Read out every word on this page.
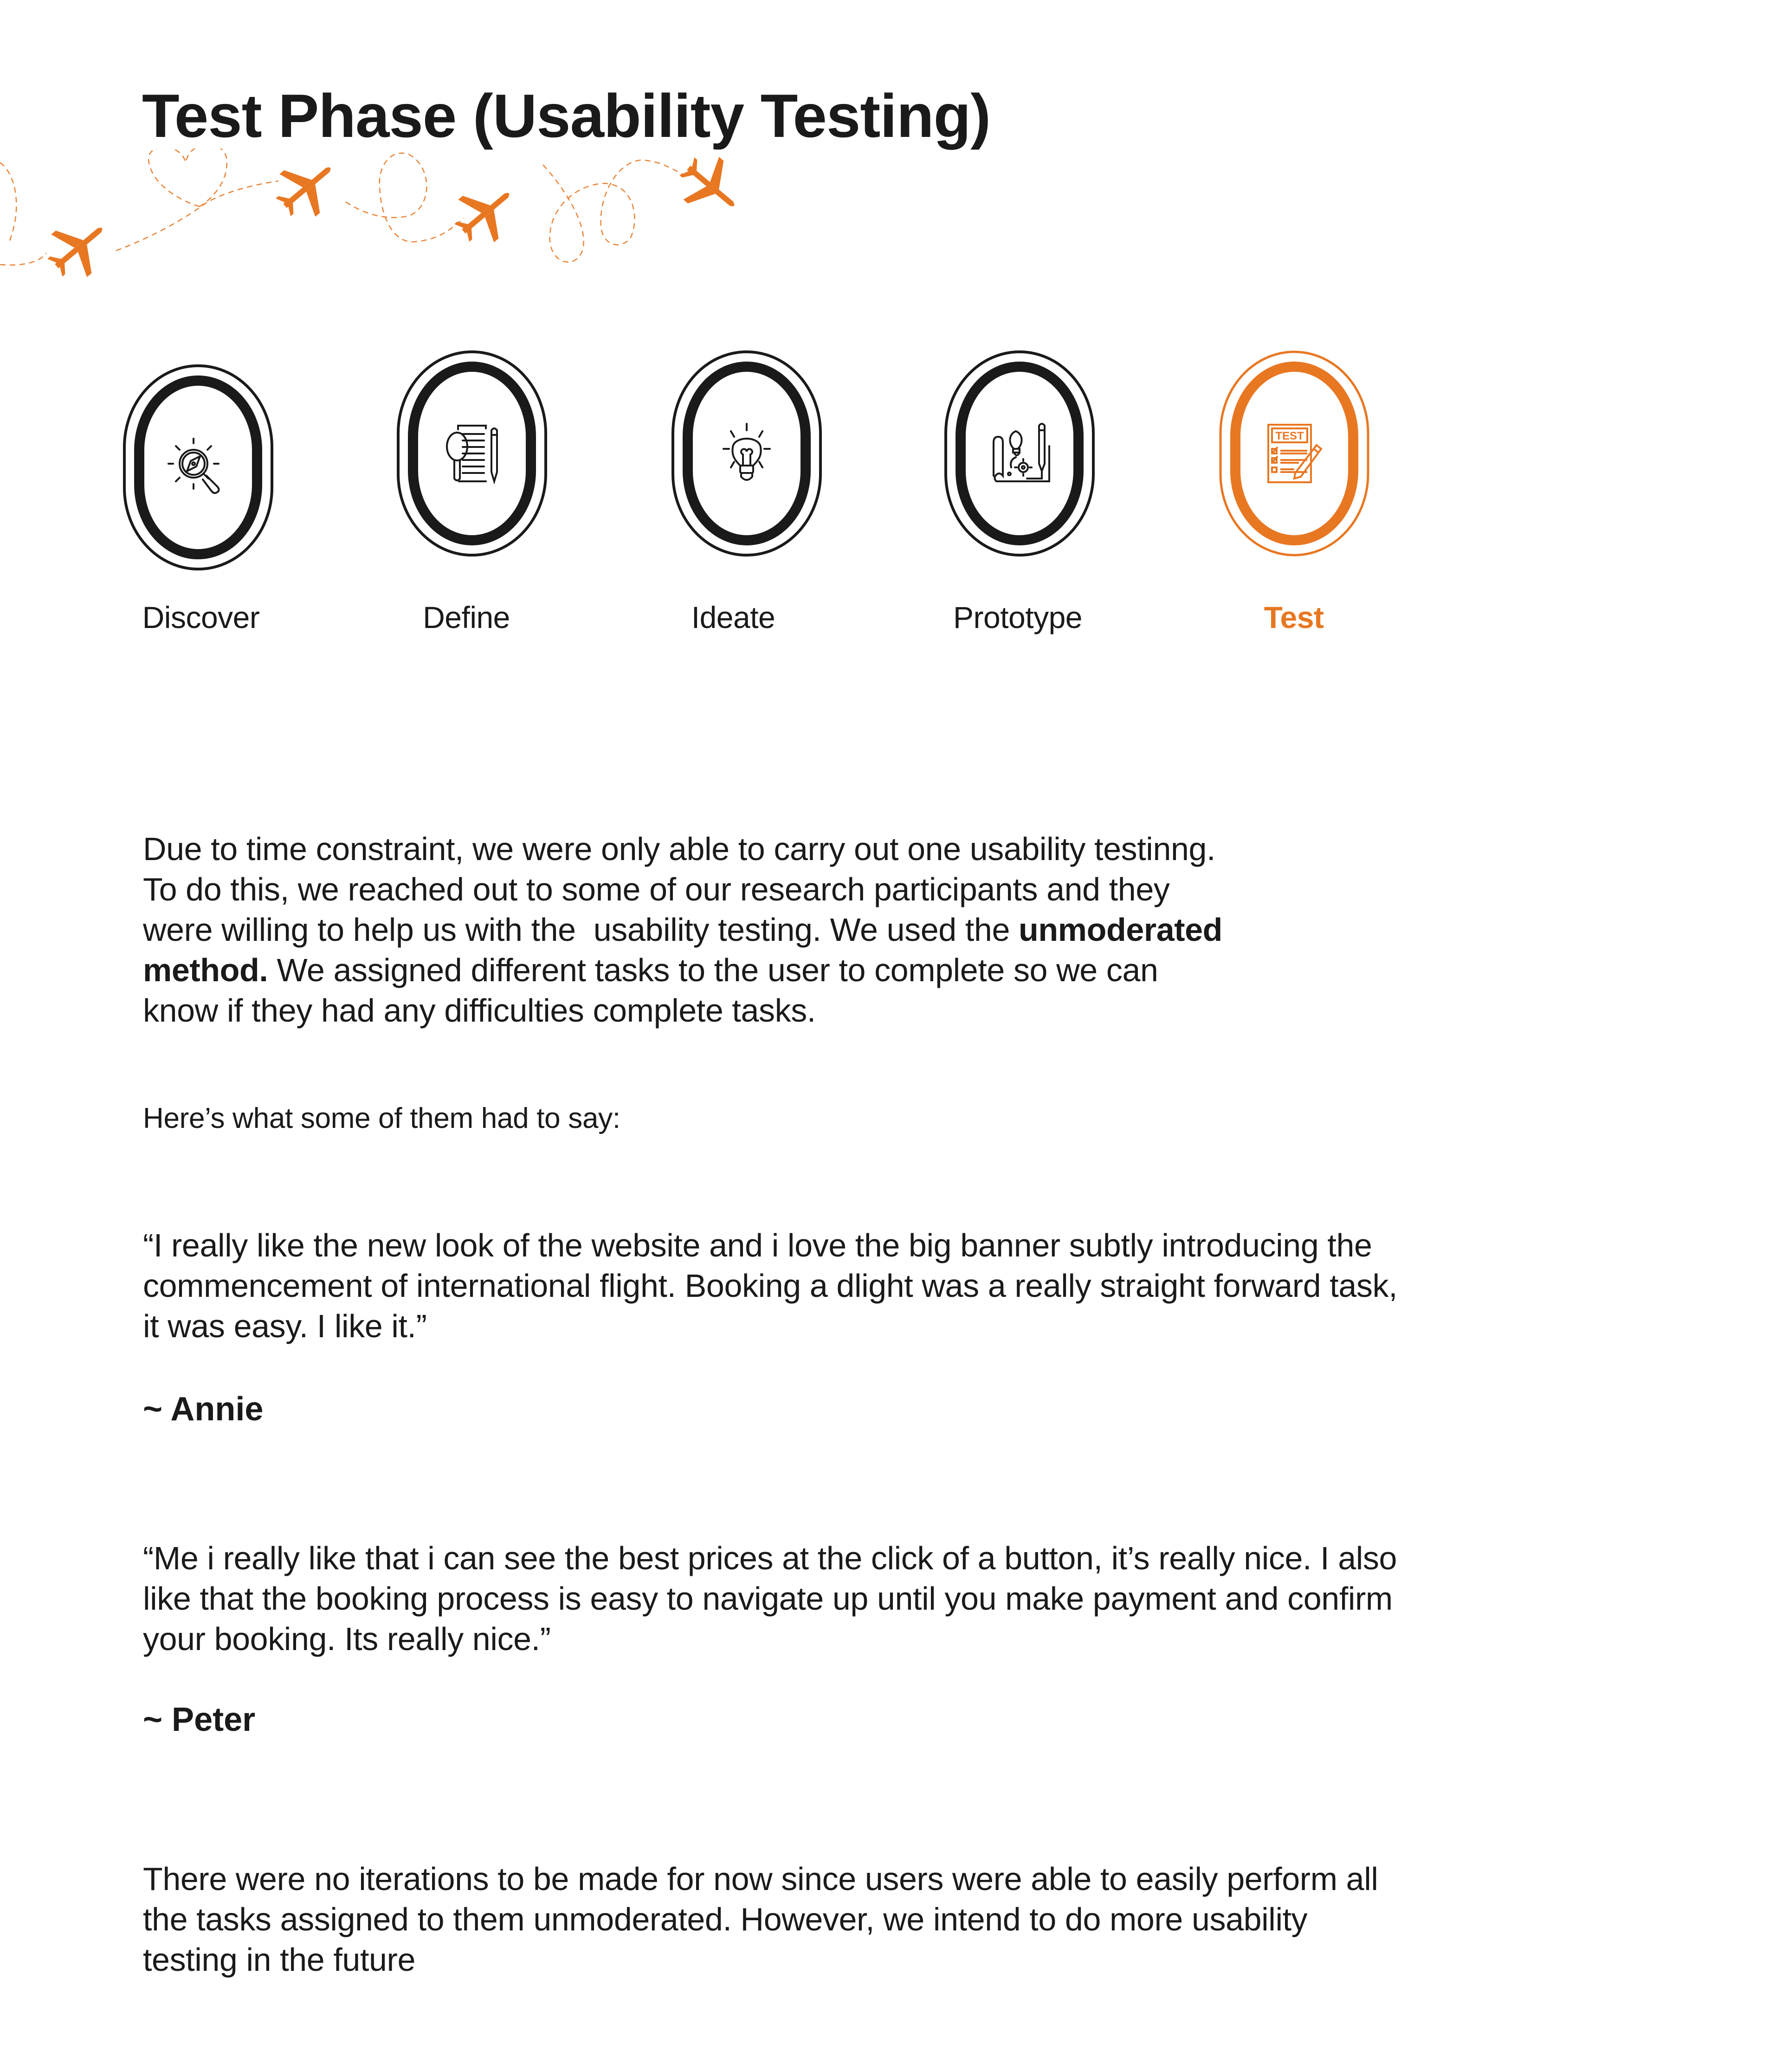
Test Phase (Usability Testing)
TEST
Discover	Define	Ideate	Prototype	Test
Due to time constraint, we were only able to carry out one usability testinng.
To do this, we reached out to some of our research participants and they
were willing to help us with the  usability testing. We used the unmoderated
method. We assigned different tasks to the user to complete so we can
know if they had any difficulties complete tasks.
Here’s what some of them had to say:
“I really like the new look of the website and i love the big banner subtly introducing the
commencement of international flight. Booking a dlight was a really straight forward task,
it was easy. I like it.”
~ Annie
“Me i really like that i can see the best prices at the click of a button, it’s really nice. I also
like that the booking process is easy to navigate up until you make payment and confirm
your booking. Its really nice.”
~ Peter
There were no iterations to be made for now since users were able to easily perform all
the tasks assigned to them unmoderated. However, we intend to do more usability
testing in the future
